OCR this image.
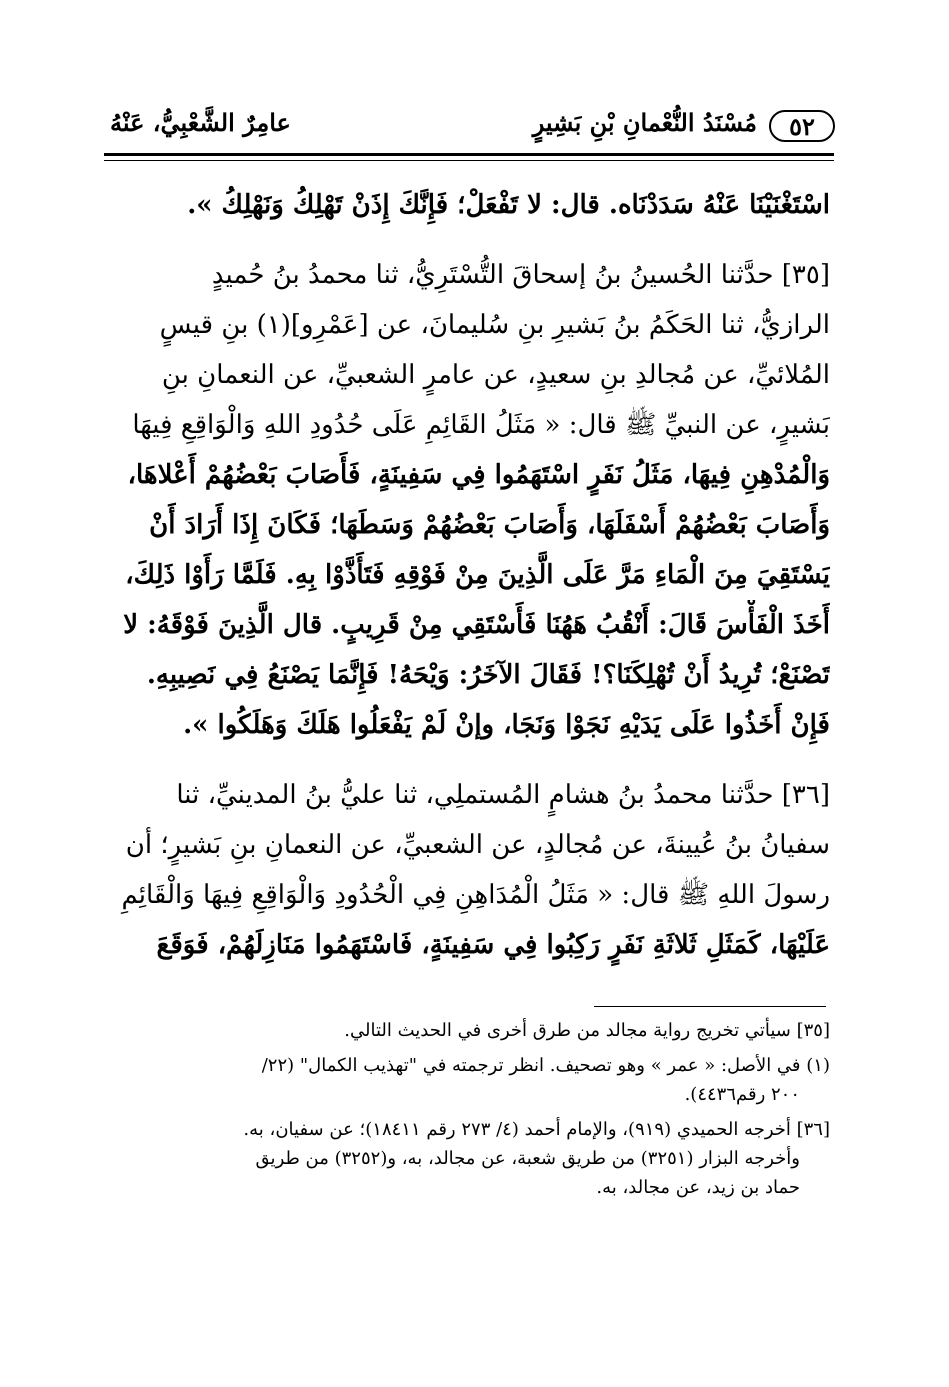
٥٢
مُسْنَدُ النُّعْمانِ بْنِ بَشِيرٍ
عامِرٌ الشَّعْبِيُّ، عَنْهُ
اسْتَغْنَيْنَا عَنْهُ سَدَدْنَاه. قال: لا تَفْعَلْ؛ فَإِنَّكَ إِذَنْ تَهْلِكُ وَنَهْلِكُ ».
[٣٥] حدَّثنا الحُسينُ بنُ إسحاقَ التُّسْتَرِيُّ، ثنا محمدُ بنُ حُميدٍ
الرازيُّ، ثنا الحَكَمُ بنُ بَشيرِ بنِ سُليمانَ، عن [عَمْرِو](١) بنِ قيسٍ
المُلائيِّ، عن مُجالدِ بنِ سعيدٍ، عن عامرٍ الشعبيِّ، عن النعمانِ بنِ
بَشيرٍ، عن النبيِّ ﷺ قال: « مَثَلُ القَائِمِ عَلَى حُدُودِ اللهِ وَالْوَاقِعِ فِيهَا
وَالْمُدْهِنِ فِيهَا، مَثَلُ نَفَرٍ اسْتَهَمُوا فِي سَفِينَةٍ، فَأَصَابَ بَعْضُهُمْ أَعْلاهَا،
وَأَصَابَ بَعْضُهُمْ أَسْفَلَهَا، وَأَصَابَ بَعْضُهُمْ وَسَطَهَا؛ فَكَانَ إِذَا أَرَادَ أَنْ
يَسْتَقِيَ مِنَ الْمَاءِ مَرَّ عَلَى الَّذِينَ مِنْ فَوْقِهِ فَتَأَذَّوْا بِهِ. فَلَمَّا رَأَوْا ذَلِكَ،
أَخَذَ الْفَأْسَ قَالَ: أَنْقُبُ هَهُنَا فَأَسْتَقِي مِنْ قَرِيبٍ. قال الَّذِينَ فَوْقَهُ: لا
تَصْنَعْ؛ تُرِيدُ أَنْ تُهْلِكَنَا؟! فَقَالَ الآخَرُ: وَيْحَهُ! فَإِنَّمَا يَصْنَعُ فِي نَصِيبِهِ.
فَإِنْ أَخَذُوا عَلَى يَدَيْهِ نَجَوْا وَنَجَا، وإنْ لَمْ يَفْعَلُوا هَلَكَ وَهَلَكُوا ».
[٣٦] حدَّثنا محمدُ بنُ هشامٍ المُستملِي، ثنا عليُّ بنُ المدينيِّ، ثنا
سفيانُ بنُ عُيينةَ، عن مُجالدٍ، عن الشعبيِّ، عن النعمانِ بنِ بَشيرٍ؛ أن
رسولَ اللهِ ﷺ قال: « مَثَلُ الْمُدَاهِنِ فِي الْحُدُودِ وَالْوَاقِعِ فِيهَا وَالْقَائِمِ
عَلَيْهَا، كَمَثَلِ ثَلاثَةِ نَفَرٍ رَكِبُوا فِي سَفِينَةٍ، فَاسْتَهَمُوا مَنَازِلَهُمْ، فَوَقَعَ
[٣٥] سيأتي تخريج رواية مجالد من طرق أخرى في الحديث التالي.
(١) في الأصل: « عمر » وهو تصحيف. انظر ترجمته في "تهذيب الكمال" (٢٢/
٢٠٠ رقم٤٤٣٦).
[٣٦] أخرجه الحميدي (٩١٩)، والإمام أحمد (٤/ ٢٧٣ رقم ١٨٤١١)؛ عن سفيان، به.
وأخرجه البزار (٣٢٥١) من طريق شعبة، عن مجالد، به، و(٣٢٥٢) من طريق
حماد بن زيد، عن مجالد، به.
